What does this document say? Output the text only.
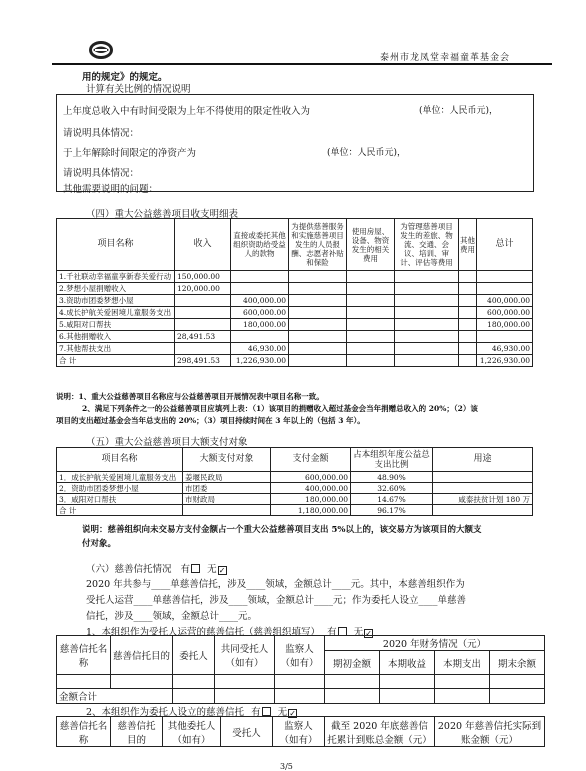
泰州市龙凤堂幸福童革基金会
用的规定》的规定。
计算有关比例的情况说明
上年度总收入中有时间受限为上年不得使用的限定性收入为	(单位：人民币元)，
请说明具体情况：
于上年解除时间限定的净资产为	(单位：人民币元)，
请说明具体情况：
其他需要说明的问题：
（四）重大公益慈善项目收支明细表
项目名称	收入	直接或委托其他组织资助给受益人的款物	为提供慈善服务和实施慈善项目发生的人员报酬、志愿者补贴和保险	使用房屋、设备、物资发生的相关费用	为管理慈善项目发生的差旅、物流、交通、会议、培训、审计、评估等费用	其他费用	总计
1.千社联动幸福童享新春关爱行动	150,000.00						
2.梦想小屋捐赠收入	120,000.00						
3.资助市团委梦想小屋		400,000.00					400,000.00
4.成长护航关爱困境儿童服务支出		600,000.00					600,000.00
5.咸阳对口帮扶		180,000.00					180,000.00
6.其他捐赠收入	28,491.53						
7.其他帮扶支出		46,930.00					46,930.00
合 计	298,491.53	1,226,930.00					1,226,930.00
说明：1、重大公益慈善项目名称应与公益慈善项目开展情况表中项目名称一致。
2、满足下列条件之一的公益慈善项目应填列上表：（1）该项目的捐赠收入超过基金会当年捐赠总收入的 20%；（2）该
项目的支出超过基金会当年总支出的 20%；（3）项目持续时间在 3 年以上的（包括 3 年）。
（五）重大公益慈善项目大额支付对象
项目名称	大额支付对象	支付金额	占本组织年度公益总支出比例	用途
1．成长护航关爱困境儿童服务支出	姜堰民政局	600,000.00	48.90%	
2．资助市团委梦想小屋	市团委	400,000.00	32.60%	
3．咸阳对口帮扶	市财政局	180,000.00	14.67%	咸泰扶贫计划 180 万
合 计		1,180,000.00	96.17%	
说明：慈善组织向未交易方支付金额占一个重大公益慈善项目支出 5%以上的，该交易方为该项目的大额支
付对象。
（六）慈善信托情况 有 无✓
2020 年共参与____单慈善信托，涉及____领域，金额总计____元。其中，本慈善组织作为
受托人运营____单慈善信托，涉及____领域，金额总计____元；作为委托人设立____单慈善
信托，涉及____领域，金额总计____元。
1、本组织作为受托人运营的慈善信托（慈善组织填写） 有 无✓
慈善信托名称	慈善信托目的	委托人	共同受托人（如有）	监察人（如有）	2020 年财务情况（元）			
					期初金额	本期收益	本期支出	期末余额

金额合计								
2、本组织作为委托人设立的慈善信托 有 无✓
慈善信托名称	慈善信托目的	其他委托人（如有）	受托人	监察人（如有）	截至 2020 年底慈善信托累计到账总金额（元）	2020 年慈善信托实际到账金额（元）
3/5
